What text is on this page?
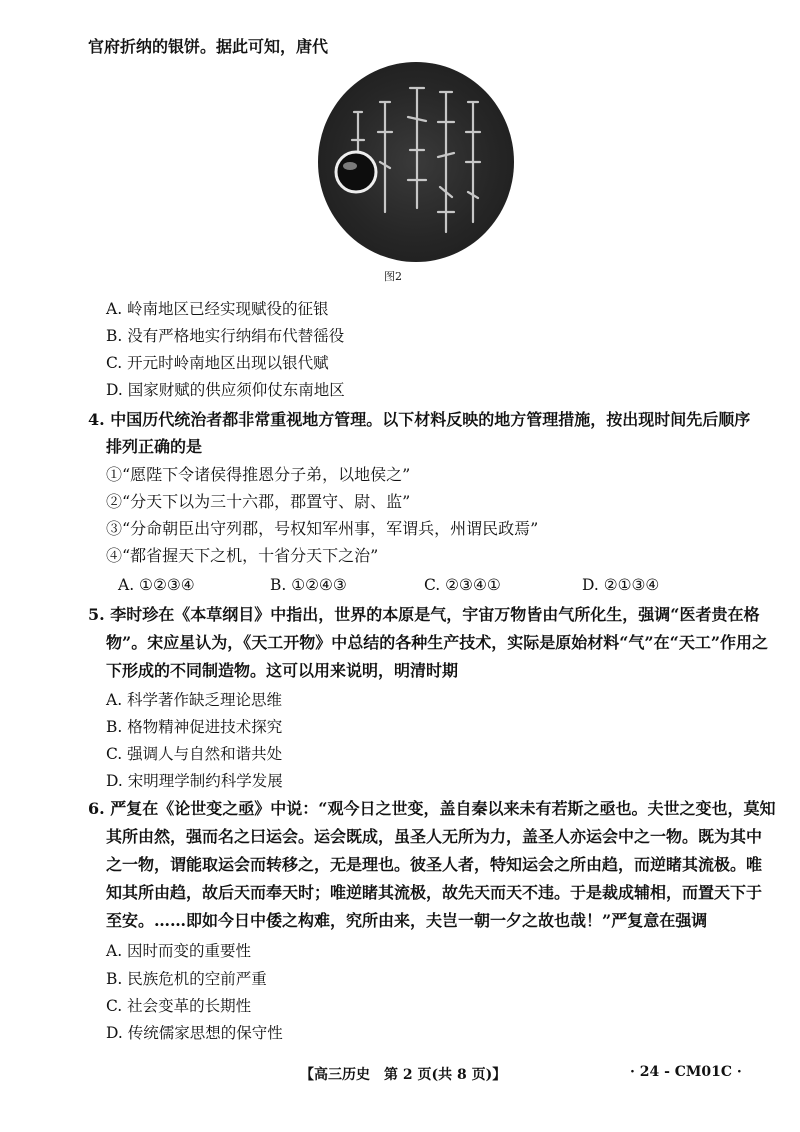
官府折纳的银饼。据此可知，唐代
图2
A. 岭南地区已经实现赋役的征银
B. 没有严格地实行纳绢布代替徭役
C. 开元时岭南地区出现以银代赋
D. 国家财赋的供应须仰仗东南地区
4. 中国历代统治者都非常重视地方管理。以下材料反映的地方管理措施，按出现时间先后顺序
排列正确的是
①“愿陛下令诸侯得推恩分子弟，以地侯之”
②“分天下以为三十六郡，郡置守、尉、监”
③“分命朝臣出守列郡，号权知军州事，军谓兵，州谓民政焉”
④“都省握天下之机，十省分天下之治”
A. ①②③④	B. ①②④③	C. ②③④①	D. ②①③④
5. 李时珍在《本草纲目》中指出，世界的本原是气，宇宙万物皆由气所化生，强调“医者贵在格
物”。宋应星认为，《天工开物》中总结的各种生产技术，实际是原始材料“气”在“天工”作用之
下形成的不同制造物。这可以用来说明，明清时期
A. 科学著作缺乏理论思维
B. 格物精神促进技术探究
C. 强调人与自然和谐共处
D. 宋明理学制约科学发展
6. 严复在《论世变之亟》中说：“观今日之世变，盖自秦以来未有若斯之亟也。夫世之变也，莫知
其所由然，强而名之曰运会。运会既成，虽圣人无所为力，盖圣人亦运会中之一物。既为其中
之一物，谓能取运会而转移之，无是理也。彼圣人者，特知运会之所由趋，而逆睹其流极。唯
知其所由趋，故后天而奉天时；唯逆睹其流极，故先天而天不违。于是裁成辅相，而置天下于
至安。……即如今日中倭之构难，究所由来，夫岂一朝一夕之故也哉！”严复意在强调
A. 因时而变的重要性
B. 民族危机的空前严重
C. 社会变革的长期性
D. 传统儒家思想的保守性
【高三历史　第 2 页(共 8 页)】	· 24 - CM01C ·
